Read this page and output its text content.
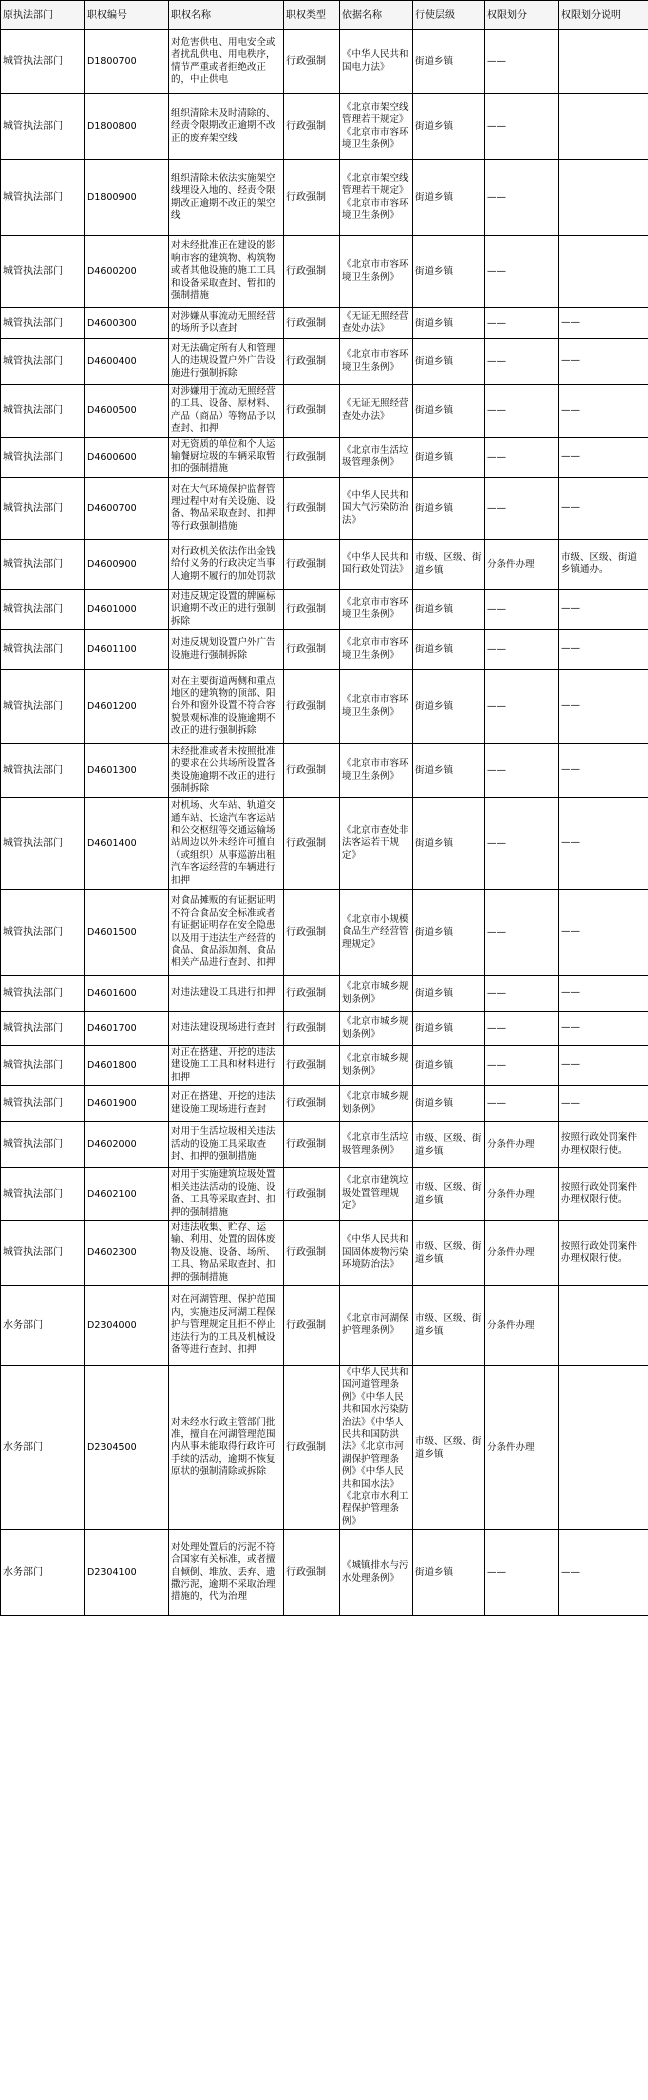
原执法部门	职权编号	职权名称	职权类型	依据名称	行使层级	权限划分	权限划分说明
城管执法部门	D1800700	对危害供电、用电安全或者扰乱供电、用电秩序，情节严重或者拒绝改正的，中止供电	行政强制	《中华人民共和国电力法》	街道乡镇	——	
城管执法部门	D1800800	组织清除未及时清除的、经责令限期改正逾期不改正的废弃架空线	行政强制	《北京市架空线管理若干规定》《北京市市容环境卫生条例》	街道乡镇	——	
城管执法部门	D1800900	组织清除未依法实施架空线埋设入地的、经责令限期改正逾期不改正的架空线	行政强制	《北京市架空线管理若干规定》《北京市市容环境卫生条例》	街道乡镇	——	
城管执法部门	D4600200	对未经批准正在建设的影响市容的建筑物、构筑物或者其他设施的施工工具和设备采取查封、暂扣的强制措施	行政强制	《北京市市容环境卫生条例》	街道乡镇	——	
城管执法部门	D4600300	对涉嫌从事流动无照经营的场所予以查封	行政强制	《无证无照经营查处办法》	街道乡镇	——	——
城管执法部门	D4600400	对无法确定所有人和管理人的违规设置户外广告设施进行强制拆除	行政强制	《北京市市容环境卫生条例》	街道乡镇	——	——
城管执法部门	D4600500	对涉嫌用于流动无照经营的工具、设备、原材料、产品（商品）等物品予以查封、扣押	行政强制	《无证无照经营查处办法》	街道乡镇	——	——
城管执法部门	D4600600	对无资质的单位和个人运输餐厨垃圾的车辆采取暂扣的强制措施	行政强制	《北京市生活垃圾管理条例》	街道乡镇	——	——
城管执法部门	D4600700	对在大气环境保护监督管理过程中对有关设施、设备、物品采取查封、扣押等行政强制措施	行政强制	《中华人民共和国大气污染防治法》	街道乡镇	——	——
城管执法部门	D4600900	对行政机关依法作出金钱给付义务的行政决定当事人逾期不履行的加处罚款	行政强制	《中华人民共和国行政处罚法》	市级、区级、街道乡镇	分条件办理	市级、区级、街道乡镇通办。
城管执法部门	D4601000	对违反规定设置的牌匾标识逾期不改正的进行强制拆除	行政强制	《北京市市容环境卫生条例》	街道乡镇	——	——
城管执法部门	D4601100	对违反规划设置户外广告设施进行强制拆除	行政强制	《北京市市容环境卫生条例》	街道乡镇	——	——
城管执法部门	D4601200	对在主要街道两侧和重点地区的建筑物的顶部、阳台外和窗外设置不符合容貌景观标准的设施逾期不改正的进行强制拆除	行政强制	《北京市市容环境卫生条例》	街道乡镇	——	——
城管执法部门	D4601300	未经批准或者未按照批准的要求在公共场所设置各类设施逾期不改正的进行强制拆除	行政强制	《北京市市容环境卫生条例》	街道乡镇	——	——
城管执法部门	D4601400	对机场、火车站、轨道交通车站、长途汽车客运站和公交枢纽等交通运输场站周边以外未经许可擅自（或组织）从事巡游出租汽车客运经营的车辆进行扣押	行政强制	《北京市查处非法客运若干规定》	街道乡镇	——	——
城管执法部门	D4601500	对食品摊贩的有证据证明不符合食品安全标准或者有证据证明存在安全隐患以及用于违法生产经营的食品、食品添加剂、食品相关产品进行查封、扣押	行政强制	《北京市小规模食品生产经营管理规定》	街道乡镇	——	——
城管执法部门	D4601600	对违法建设工具进行扣押	行政强制	《北京市城乡规划条例》	街道乡镇	——	——
城管执法部门	D4601700	对违法建设现场进行查封	行政强制	《北京市城乡规划条例》	街道乡镇	——	——
城管执法部门	D4601800	对正在搭建、开挖的违法建设施工工具和材料进行扣押	行政强制	《北京市城乡规划条例》	街道乡镇	——	——
城管执法部门	D4601900	对正在搭建、开挖的违法建设施工现场进行查封	行政强制	《北京市城乡规划条例》	街道乡镇	——	——
城管执法部门	D4602000	对用于生活垃圾相关违法活动的设施工具采取查封、扣押的强制措施	行政强制	《北京市生活垃圾管理条例》	市级、区级、街道乡镇	分条件办理	按照行政处罚案件办理权限行使。
城管执法部门	D4602100	对用于实施建筑垃圾处置相关违法活动的设施、设备、工具等采取查封、扣押的强制措施	行政强制	《北京市建筑垃圾处置管理规定》	市级、区级、街道乡镇	分条件办理	按照行政处罚案件办理权限行使。
城管执法部门	D4602300	对违法收集、贮存、运输、利用、处置的固体废物及设施、设备、场所、工具、物品采取查封、扣押的强制措施	行政强制	《中华人民共和国固体废物污染环境防治法》	市级、区级、街道乡镇	分条件办理	按照行政处罚案件办理权限行使。
水务部门	D2304000	对在河湖管理、保护范围内，实施违反河湖工程保护与管理规定且拒不停止违法行为的工具及机械设备等进行查封、扣押	行政强制	《北京市河湖保护管理条例》	市级、区级、街道乡镇	分条件办理	
水务部门	D2304500	对未经水行政主管部门批准，擅自在河湖管理范围内从事未能取得行政许可手续的活动，逾期不恢复原状的强制清除或拆除	行政强制	《中华人民共和国河道管理条例》《中华人民共和国水污染防治法》《中华人民共和国防洪法》《北京市河湖保护管理条例》《中华人民共和国水法》《北京市水利工程保护管理条例》	市级、区级、街道乡镇	分条件办理	
水务部门	D2304100	对处理处置后的污泥不符合国家有关标准，或者擅自倾倒、堆放、丢弃、遗撒污泥，逾期不采取治理措施的，代为治理	行政强制	《城镇排水与污水处理条例》	街道乡镇	——	——
